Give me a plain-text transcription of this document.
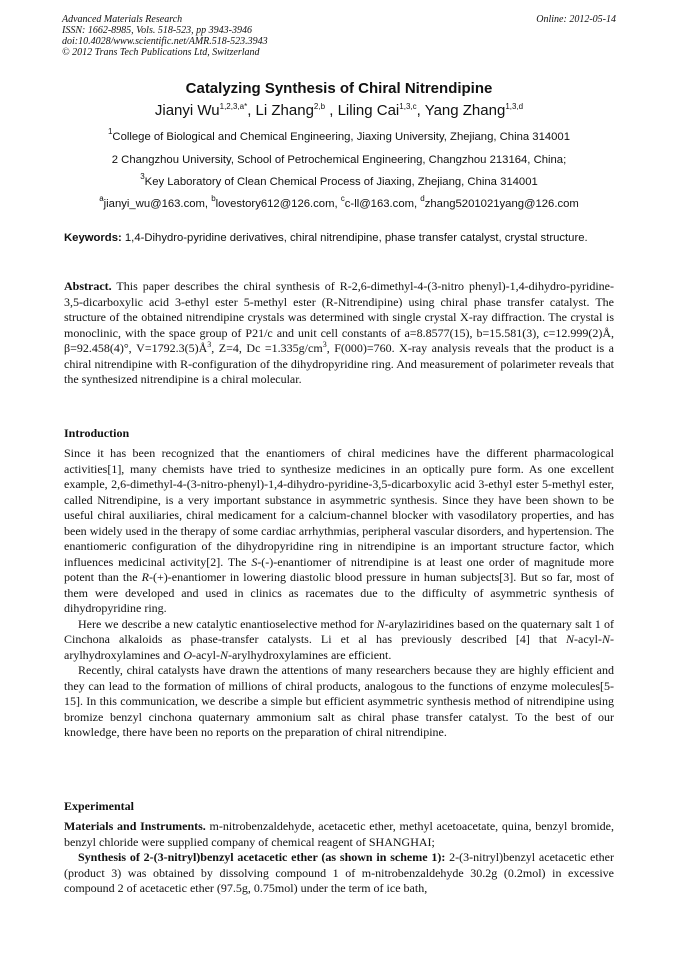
Advanced Materials Research
ISSN: 1662-8985, Vols. 518-523, pp 3943-3946
doi:10.4028/www.scientific.net/AMR.518-523.3943
© 2012 Trans Tech Publications Ltd, Switzerland
Online: 2012-05-14
Catalyzing Synthesis of Chiral Nitrendipine
Jianyi $Wu^{1,2,3,a*}$, Li Zhang$^{2,b}$ , Liling Cai$^{1,3,c}$, Yang Zhang$^{1,3,d}$
$^1$College of Biological and Chemical Engineering, Jiaxing University, Zhejiang, China 314001
2 Changzhou University, School of Petrochemical Engineering, Changzhou 213164, China;
$^3$Key Laboratory of Clean Chemical Process of Jiaxing, Zhejiang, China 314001
$^a$jianyi_wu@163.com, $^b$lovestory612@126.com, $^c$c-ll@163.com, $^d$zhang5201021yang@126.com
Keywords: 1,4-Dihydro-pyridine derivatives, chiral nitrendipine, phase transfer catalyst, crystal structure.

Abstract. This paper describes the chiral synthesis of R-2,6-dimethyl-4-(3-nitro phenyl)-1,4-dihydro-pyridine-3,5-dicarboxylic acid 3-ethyl ester 5-methyl ester (R-Nitrendipine) using chiral phase transfer catalyst. The structure of the obtained nitrendipine crystals was determined with single crystal X-ray diffraction. The crystal is monoclinic, with the space group of P21/c and unit cell constants of a=8.8577(15), b=15.581(3), c=12.999(2)Å, β=92.458(4)°, $V=1792.3(5)Å^3$, Z=4, $Dc =1.335g/cm^3$, F(000)=760. X-ray analysis reveals that the product is a chiral nitrendipine with R-configuration of the dihydropyridine ring. And measurement of polarimeter reveals that the synthesized nitrendipine is a chiral molecular.

Introduction

Since it has been recognized that the enantiomers of chiral medicines have the different pharmacological activities[1], many chemists have tried to synthesize medicines in an optically pure form. As one excellent example, 2,6-dimethyl-4-(3-nitro-phenyl)-1,4-dihydro-pyridine-3,5-dicarboxylic acid 3-ethyl ester 5-methyl ester, called Nitrendipine, is a very important substance in asymmetric synthesis. Since they have been shown to be useful chiral auxiliaries, chiral medicament for a calcium-channel blocker with vasodilatory properties, and has been widely used in the therapy of some cardiac arrhythmias, peripheral vascular disorders, and hypertension. The enantiomeric configuration of the dihydropyridine ring in nitrendipine is an important structure factor, which influences medicinal activity[2]. The S-(-)-enantiomer of nitrendipine is at least one order of magnitude more potent than the R-(+)-enantiomer in lowering diastolic blood pressure in human subjects[3]. But so far, most of them were developed and used in clinics as racemates due to the difficulty of asymmetric synthesis of dihydropyridine ring.

Here we describe a new catalytic enantioselective method for N-arylaziridines based on the quaternary salt 1 of Cinchona alkaloids as phase-transfer catalysts. Li et al has previously described [4] that N-acyl-N-arylhydroxylamines and O-acyl-N-arylhydroxylamines are efficient.

Recently, chiral catalysts have drawn the attentions of many researchers because they are highly efficient and they can lead to the formation of millions of chiral products, analogous to the functions of enzyme molecules[5-15]. In this communication, we describe a simple but efficient asymmetric synthesis method of nitrendipine using bromize benzyl cinchona quaternary ammonium salt as chiral phase transfer catalyst. To the best of our knowledge, there have been no reports on the preparation of chiral nitrendipine.

Experimental

Materials and Instruments. m-nitrobenzaldehyde, acetacetic ether, methyl acetoacetate, quina, benzyl bromide, benzyl chloride were supplied company of chemical reagent of SHANGHAI;

Synthesis of 2-(3-nitryl)benzyl acetacetic ether (as shown in scheme 1): 2-(3-nitryl)benzyl acetacetic ether (product 3) was obtained by dissolving compound 1 of m-nitrobenzaldehyde 30.2g (0.2mol) in excessive compound 2 of acetacetic ether (97.5g, 0.75mol) under the term of ice bath,
